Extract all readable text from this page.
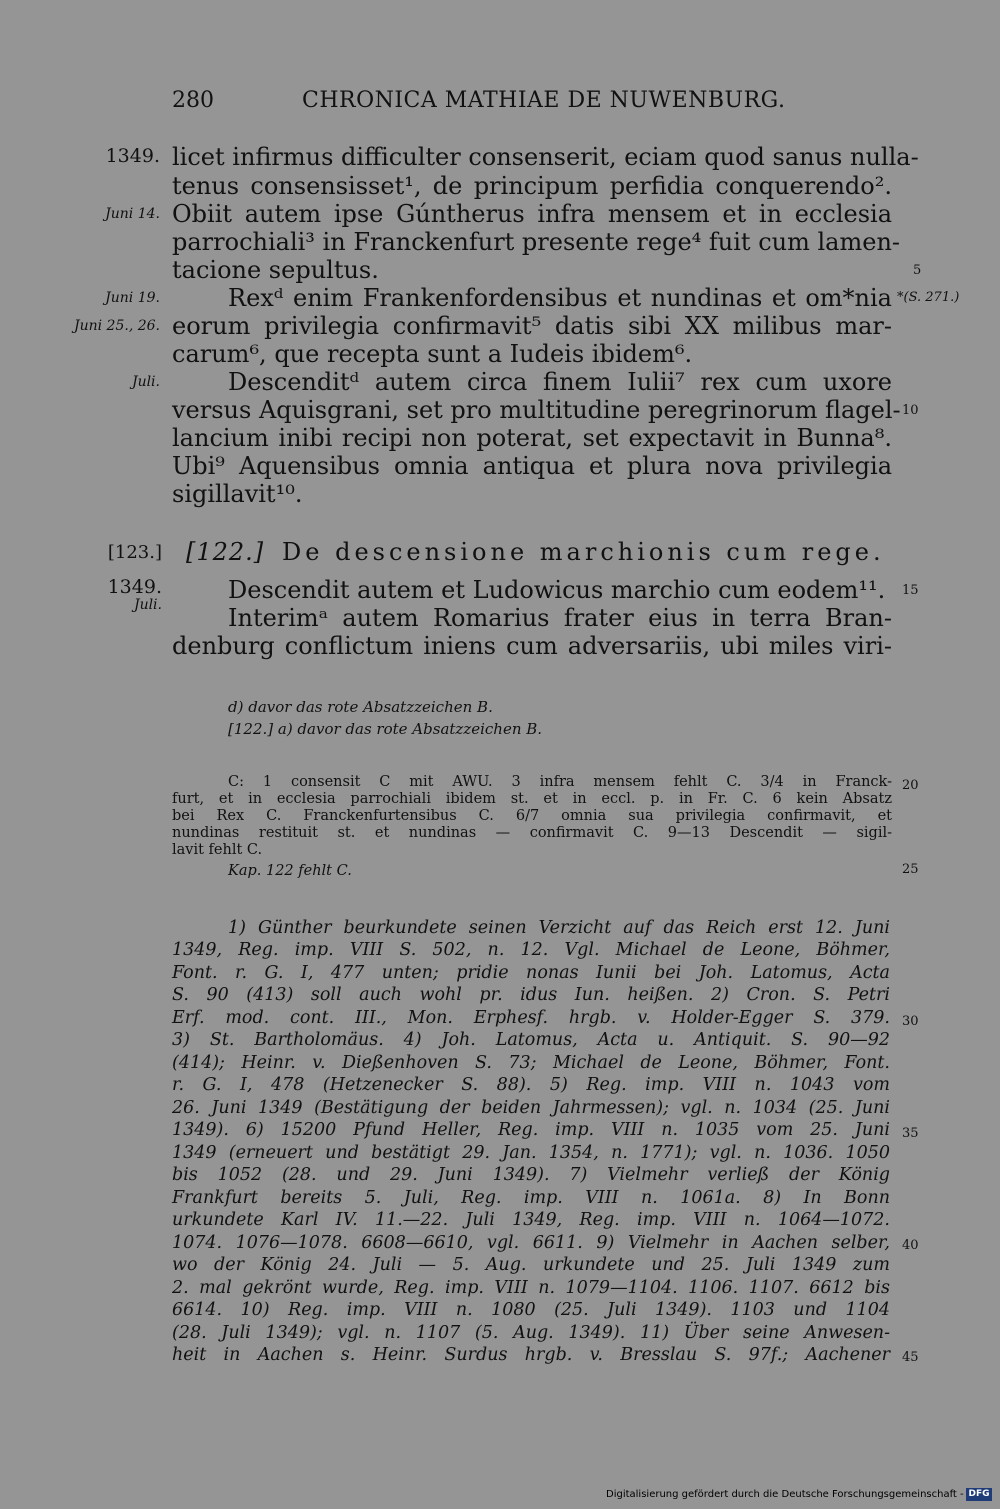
280	CHRONICA MATHIAE DE NUWENBURG.
1349. licet infirmus difficulter consenserit, eciam quod sanus nulla-
tenus consensisset¹, de principum perfidia conquerendo².
Juni 14. Obiit autem ipse Gúntherus infra mensem et in ecclesia
parrochiali³ in Franckenfurt presente rege⁴ fuit cum lamen-
tacione sepultus.	5
Juni 19.	Rexᵈ enim Frankenfordensibus et nundinas et om*nia *(S. 271.)
Juni 25., 26. eorum privilegia confirmavit⁵ datis sibi XX milibus mar-
carum⁶, que recepta sunt a Iudeis ibidem⁶.
Juli.	Descenditᵈ autem circa finem Iulii⁷ rex cum uxore
versus Aquisgrani, set pro multitudine peregrinorum flagel- 10
lancium inibi recipi non poterat, set expectavit in Bunna⁸.
Ubi⁹ Aquensibus omnia antiqua et plura nova privilegia
sigillavit¹⁰.
[123.] [122.] De descensione marchionis cum rege.
1349.
Juli.
Descendit autem et Ludowicus marchio cum eodem¹¹.	15
Interimᵃ autem Romarius frater eius in terra Bran-
denburg conflictum iniens cum adversariis, ubi miles viri-
d) davor das rote Absatzzeichen B.
[122.] a) davor das rote Absatzzeichen B.
C: 1 consensit C mit AWU. 3 infra mensem fehlt C. 3/4 in Franck- 20
furt, et in ecclesia parrochiali ibidem st. et in eccl. p. in Fr. C. 6 kein Absatz
bei Rex C. Franckenfurtensibus C. 6/7 omnia sua privilegia confirmavit, et
nundinas restituit st. et nundinas — confirmavit C. 9—13 Descendit — sigil-
lavit fehlt C.
Kap. 122 fehlt C.	25
1) Günther beurkundete seinen Verzicht auf das Reich erst 12. Juni
1349, Reg. imp. VIII S. 502, n. 12. Vgl. Michael de Leone, Böhmer,
Font. r. G. I, 477 unten; pridie nonas Iunii bei Joh. Latomus, Acta
S. 90 (413) soll auch wohl pr. idus Iun. heißen. 2) Cron. S. Petri
Erf. mod. cont. III., Mon. Erphesf. hrgb. v. Holder-Egger S. 379. 30
3) St. Bartholomäus. 4) Joh. Latomus, Acta u. Antiquit. S. 90—92
(414); Heinr. v. Dießenhoven S. 73; Michael de Leone, Böhmer, Font.
r. G. I, 478 (Hetzenecker S. 88). 5) Reg. imp. VIII n. 1043 vom
26. Juni 1349 (Bestätigung der beiden Jahrmessen); vgl. n. 1034 (25. Juni
1349). 6) 15200 Pfund Heller, Reg. imp. VIII n. 1035 vom 25. Juni 35
1349 (erneuert und bestätigt 29. Jan. 1354, n. 1771); vgl. n. 1036. 1050
bis 1052 (28. und 29. Juni 1349). 7) Vielmehr verließ der König
Frankfurt bereits 5. Juli, Reg. imp. VIII n. 1061a. 8) In Bonn
urkundete Karl IV. 11.—22. Juli 1349, Reg. imp. VIII n. 1064—1072.
1074. 1076—1078. 6608—6610, vgl. 6611. 9) Vielmehr in Aachen selber, 40
wo der König 24. Juli — 5. Aug. urkundete und 25. Juli 1349 zum
2. mal gekrönt wurde, Reg. imp. VIII n. 1079—1104. 1106. 1107. 6612 bis
6614. 10) Reg. imp. VIII n. 1080 (25. Juli 1349). 1103 und 1104
(28. Juli 1349); vgl. n. 1107 (5. Aug. 1349). 11) Über seine Anwesen-
heit in Aachen s. Heinr. Surdus hrgb. v. Bresslau S. 97f.; Aachener 45
Digitalisierung gefördert durch die Deutsche Forschungsgemeinschaft - DFG
